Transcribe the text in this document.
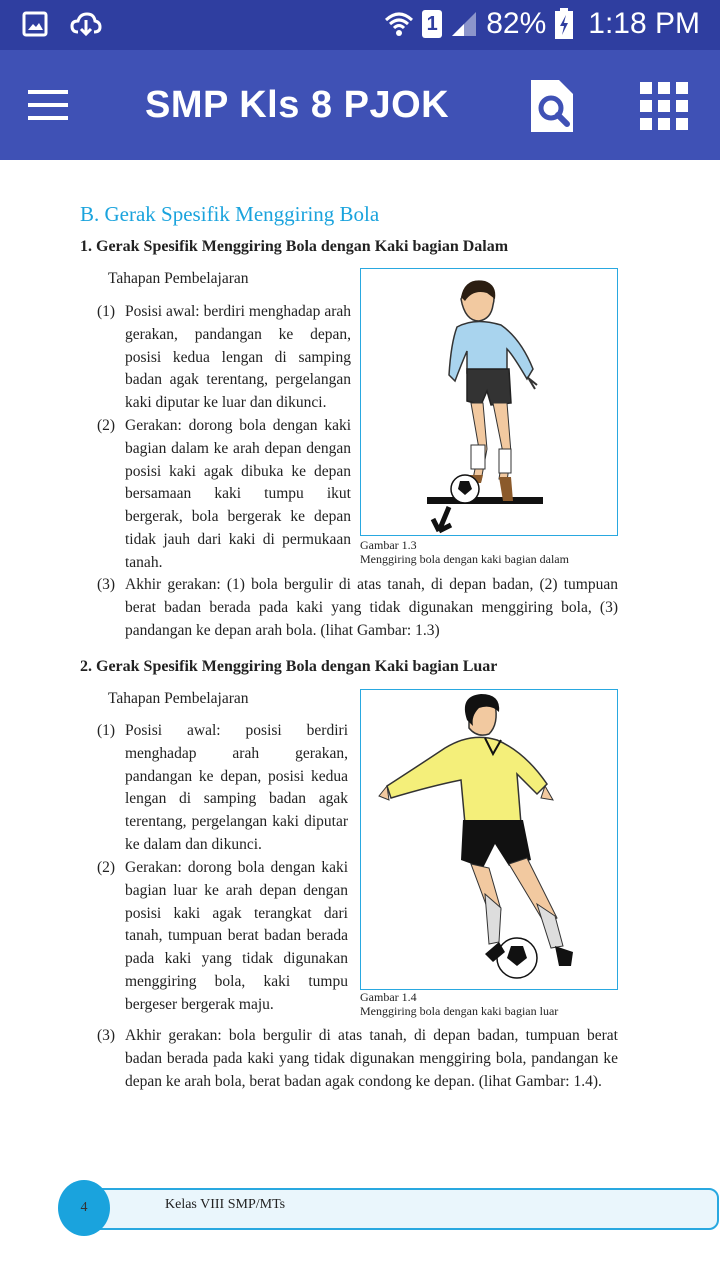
1 82% 1:18 PM
SMP Kls 8 PJOK
B. Gerak Spesifik Menggiring Bola
1. Gerak Spesifik Menggiring Bola dengan Kaki bagian Dalam
Tahapan Pembelajaran
(1) Posisi awal: berdiri menghadap arah gerakan, pandangan ke depan, posisi kedua lengan di samping badan agak terentang, pergelangan kaki diputar ke luar dan dikunci.
(2) Gerakan: dorong bola dengan kaki bagian dalam ke arah depan dengan posisi kaki agak dibuka ke depan bersamaan kaki tumpu ikut bergerak, bola bergerak ke depan tidak jauh dari kaki di permukaan tanah.
(3) Akhir gerakan: (1) bola bergulir di atas tanah, di depan badan, (2) tumpuan berat badan berada pada kaki yang tidak digunakan menggiring bola, (3) pandangan ke depan arah bola. (lihat Gambar: 1.3)
Gambar 1.3
Menggiring bola dengan kaki bagian dalam
2. Gerak Spesifik Menggiring Bola dengan Kaki bagian Luar
Tahapan Pembelajaran
(1) Posisi awal: posisi berdiri menghadap arah gerakan, pandangan ke depan, posisi kedua lengan di samping badan agak terentang, pergelangan kaki diputar ke dalam dan dikunci.
(2) Gerakan: dorong bola dengan kaki bagian luar ke arah depan dengan posisi kaki agak terangkat dari tanah, tumpuan berat badan berada pada kaki yang tidak digunakan menggiring bola, kaki tumpu bergeser bergerak maju.
(3) Akhir gerakan: bola bergulir di atas tanah, di depan badan, tumpuan berat badan berada pada kaki yang tidak digunakan menggiring bola, pandangan ke depan ke arah bola, berat badan agak condong ke depan. (lihat Gambar: 1.4).
Gambar 1.4
Menggiring bola dengan kaki bagian luar
4	Kelas VIII SMP/MTs
